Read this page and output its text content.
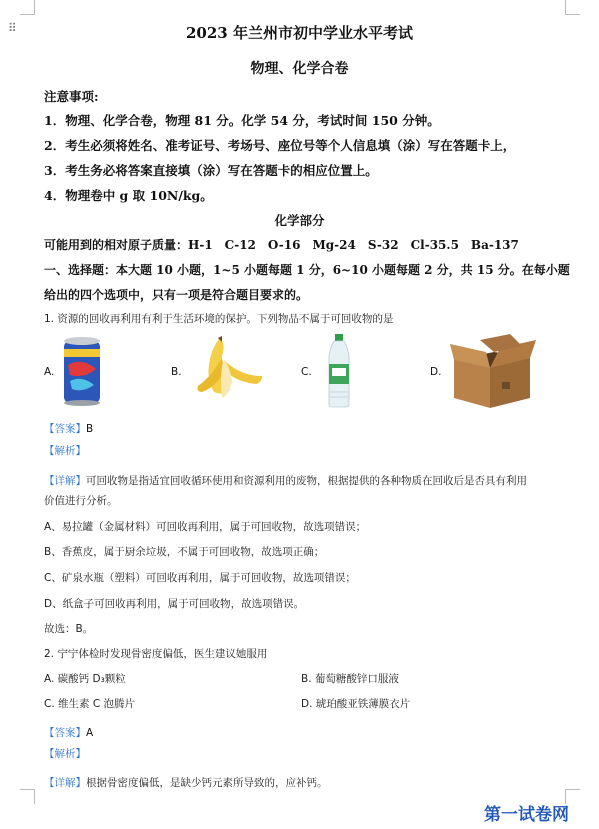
⠿	2023 年兰州市初中学业水平考试
物理、化学合卷
注意事项:
1．物理、化学合卷，物理 81 分。化学 54 分，考试时间 150 分钟。
2．考生必须将姓名、准考证号、考场号、座位号等个人信息填（涂）写在答题卡上，
3．考生务必将答案直接填（涂）写在答题卡的相应位置上。
4．物理卷中 g 取 10N/kg。
化学部分
可能用到的相对原子质量：H-1　C-12　O-16　Mg-24　S-32　Cl-35.5　Ba-137
一、选择题：本大题 10 小题，1~5 小题每题 1 分，6~10 小题每题 2 分，共 15 分。在每小题
给出的四个选项中，只有一项是符合题目要求的。
1. 资源的回收再利用有利于生活环境的保护。下列物品不属于可回收物的是
A.	B.	C.	D.
【答案】B
【解析】
【详解】可回收物是指适宜回收循环使用和资源利用的废物，根据提供的各种物质在回收后是否具有利用
价值进行分析。
A、易拉罐（金属材料）可回收再利用，属于可回收物，故选项错误；
B、香蕉皮，属于厨余垃圾，不属于可回收物，故选项正确；
C、矿泉水瓶（塑料）可回收再利用，属于可回收物，故选项错误；
D、纸盒子可回收再利用，属于可回收物，故选项错误。
故选：B。
2. 宁宁体检时发现骨密度偏低，医生建议她服用
A. 碳酸钙 D₃颗粒	B. 葡萄糖酸锌口服液
C. 维生素 C 泡腾片	D. 琥珀酸亚铁薄膜衣片
【答案】A
【解析】
【详解】根据骨密度偏低，是缺少钙元素所导致的，应补钙。
第一试卷网
